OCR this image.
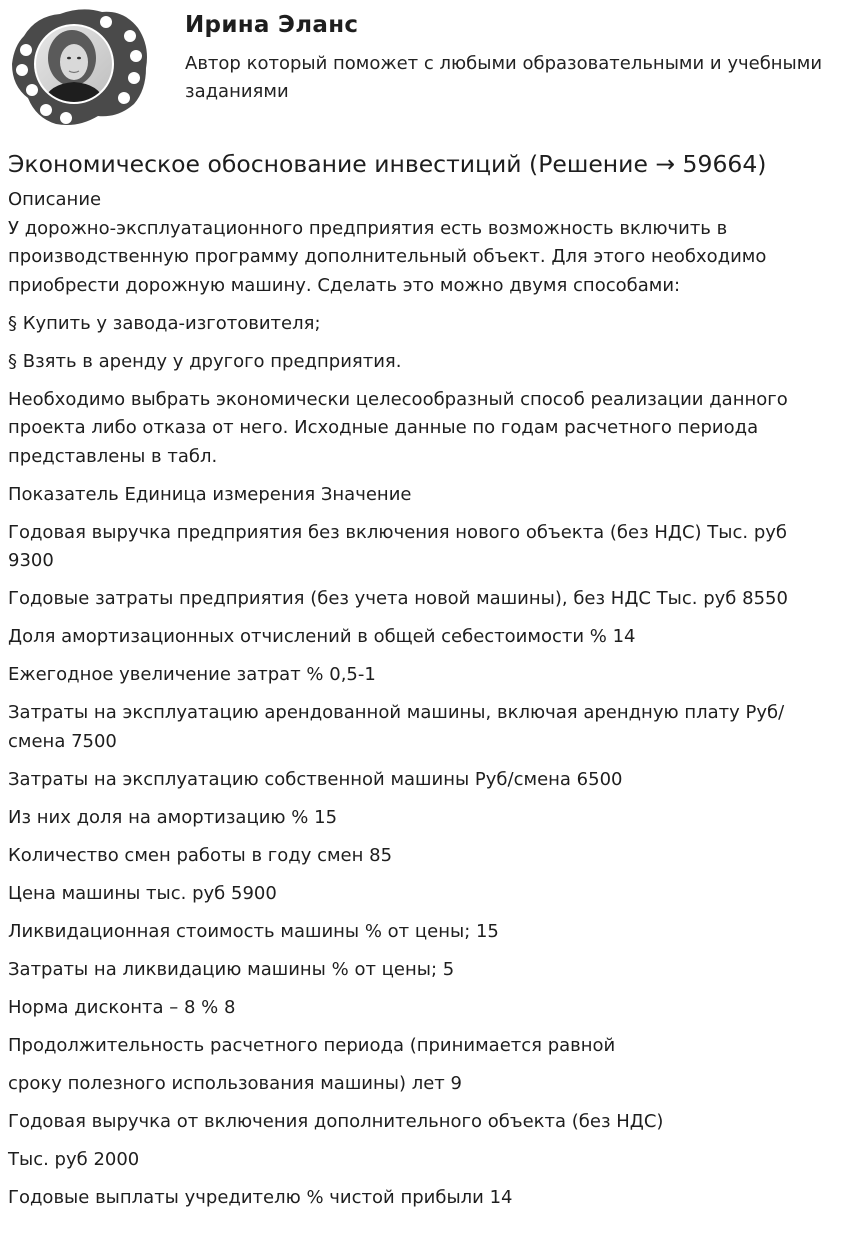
Ирина Эланс
Автор который поможет с любыми образовательными и учебными заданиями
Экономическое обоснование инвестиций (Решение → 59664)

Описание

У дорожно-эксплуатационного предприятия есть возможность включить в производственную программу дополнительный объект. Для этого необходимо приобрести дорожную машину. Сделать это можно двумя способами:

§ Купить у завода-изготовителя;

§ Взять в аренду у другого предприятия.

Необходимо выбрать экономически целесообразный способ реализации данного проекта либо отказа от него. Исходные данные по годам расчетного периода представлены в табл.

Показатель Единица измерения Значение

Годовая выручка предприятия без включения нового объекта (без НДС) Тыс. руб 9300

Годовые затраты предприятия (без учета новой машины), без НДС Тыс. руб 8550

Доля амортизационных отчислений в общей себестоимости % 14

Ежегодное увеличение затрат % 0,5-1

Затраты на эксплуатацию арендованной машины, включая арендную плату Руб/смена 7500

Затраты на эксплуатацию собственной машины Руб/смена 6500

Из них доля на амортизацию % 15

Количество смен работы в году смен 85

Цена машины тыс. руб 5900

Ликвидационная стоимость машины % от цены; 15

Затраты на ликвидацию машины % от цены; 5

Норма дисконта – 8 % 8

Продолжительность расчетного периода (принимается равной

сроку полезного использования машины) лет 9

Годовая выручка от включения дополнительного объекта (без НДС)

Тыс. руб 2000

Годовые выплаты учредителю % чистой прибыли 14
